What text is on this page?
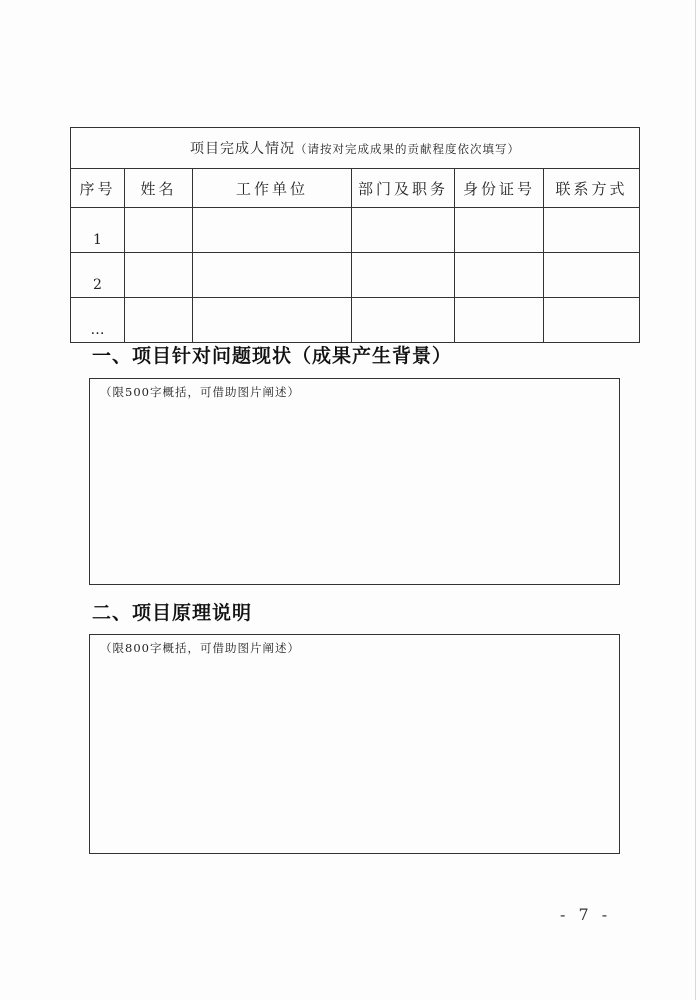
项目完成人情况（请按对完成成果的贡献程度依次填写）					
序号	姓名	工作单位	部门及职务	身份证号	联系方式
1					
2					
…					
一、项目针对问题现状（成果产生背景）
（限500字概括，可借助图片阐述）
二、项目原理说明
（限800字概括，可借助图片阐述）
- 7 -
